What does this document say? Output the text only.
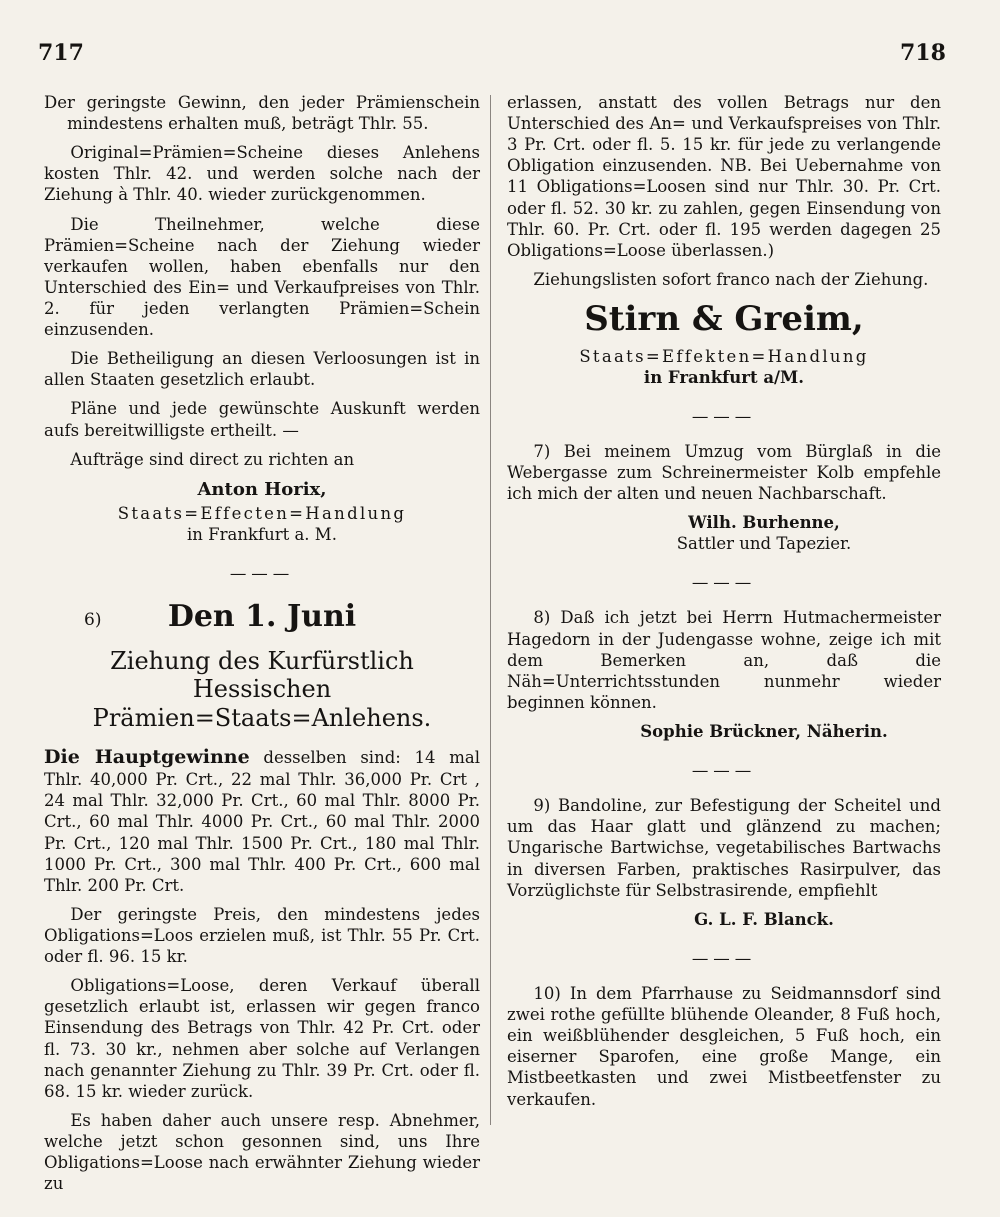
717	718

Der geringste Gewinn, den jeder Prämienschein mindestens erhalten muß, beträgt Thlr. 55.

Original=Prämien=Scheine dieses Anlehens kosten Thlr. 42. und werden solche nach der Ziehung à Thlr. 40. wieder zurückgenommen.

Die Theilnehmer, welche diese Prämien=Scheine nach der Ziehung wieder verkaufen wollen, haben ebenfalls nur den Unterschied des Ein= und Verkaufpreises von Thlr. 2. für jeden verlangten Prämien=Schein einzusenden.

Die Betheiligung an diesen Verloosungen ist in allen Staaten gesetzlich erlaubt.

Pläne und jede gewünschte Auskunft werden aufs bereitwilligste ertheilt. —

Aufträge sind direct zu richten an

Anton Horix,

Staats=Effecten=Handlung

in Frankfurt a. M.

———
6) Den 1. Juni
Ziehung des Kurfürstlich Hessischen Prämien=Staats=Anlehens.

Die Hauptgewinne desselben sind: 14 mal Thlr. 40,000 Pr. Crt., 22 mal Thlr. 36,000 Pr. Crt , 24 mal Thlr. 32,000 Pr. Crt., 60 mal Thlr. 8000 Pr. Crt., 60 mal Thlr. 4000 Pr. Crt., 60 mal Thlr. 2000 Pr. Crt., 120 mal Thlr. 1500 Pr. Crt., 180 mal Thlr. 1000 Pr. Crt., 300 mal Thlr. 400 Pr. Crt., 600 mal Thlr. 200 Pr. Crt.

Der geringste Preis, den mindestens jedes Obligations=Loos erzielen muß, ist Thlr. 55 Pr. Crt. oder fl. 96. 15 kr.

Obligations=Loose, deren Verkauf überall gesetzlich erlaubt ist, erlassen wir gegen franco Einsendung des Betrags von Thlr. 42 Pr. Crt. oder fl. 73. 30 kr., nehmen aber solche auf Verlangen nach genannter Ziehung zu Thlr. 39 Pr. Crt. oder fl. 68. 15 kr. wieder zurück.

Es haben daher auch unsere resp. Abnehmer, welche jetzt schon gesonnen sind, uns Ihre Obligations=Loose nach erwähnter Ziehung wieder zu

erlassen, anstatt des vollen Betrags nur den Unterschied des An= und Verkaufspreises von Thlr. 3 Pr. Crt. oder fl. 5. 15 kr. für jede zu verlangende Obligation einzusenden. NB. Bei Uebernahme von 11 Obligations=Loosen sind nur Thlr. 30. Pr. Crt. oder fl. 52. 30 kr. zu zahlen, gegen Einsendung von Thlr. 60. Pr. Crt. oder fl. 195 werden dagegen 25 Obligations=Loose überlassen.)

Ziehungslisten sofort franco nach der Ziehung.

Stirn & Greim,

Staats=Effekten=Handlung

in Frankfurt a/M.

———

7) Bei meinem Umzug vom Bürglaß in die Webergasse zum Schreinermeister Kolb empfehle ich mich der alten und neuen Nachbarschaft.

Wilh. Burhenne,

Sattler und Tapezier.

———

8) Daß ich jetzt bei Herrn Hutmachermeister Hagedorn in der Judengasse wohne, zeige ich mit dem Bemerken an, daß die Näh=Unterrichtsstunden nunmehr wieder beginnen können.

Sophie Brückner, Näherin.

———

9) Bandoline, zur Befestigung der Scheitel und um das Haar glatt und glänzend zu machen; Ungarische Bartwichse, vegetabilisches Bartwachs in diversen Farben, praktisches Rasirpulver, das Vorzüglichste für Selbstrasirende, empfiehlt

G. L. F. Blanck.

———

10) In dem Pfarrhause zu Seidmannsdorf sind zwei rothe gefüllte blühende Oleander, 8 Fuß hoch, ein weißblühender desgleichen, 5 Fuß hoch, ein eiserner Sparofen, eine große Mange, ein Mistbeetkasten und zwei Mistbeetfenster zu verkaufen.
